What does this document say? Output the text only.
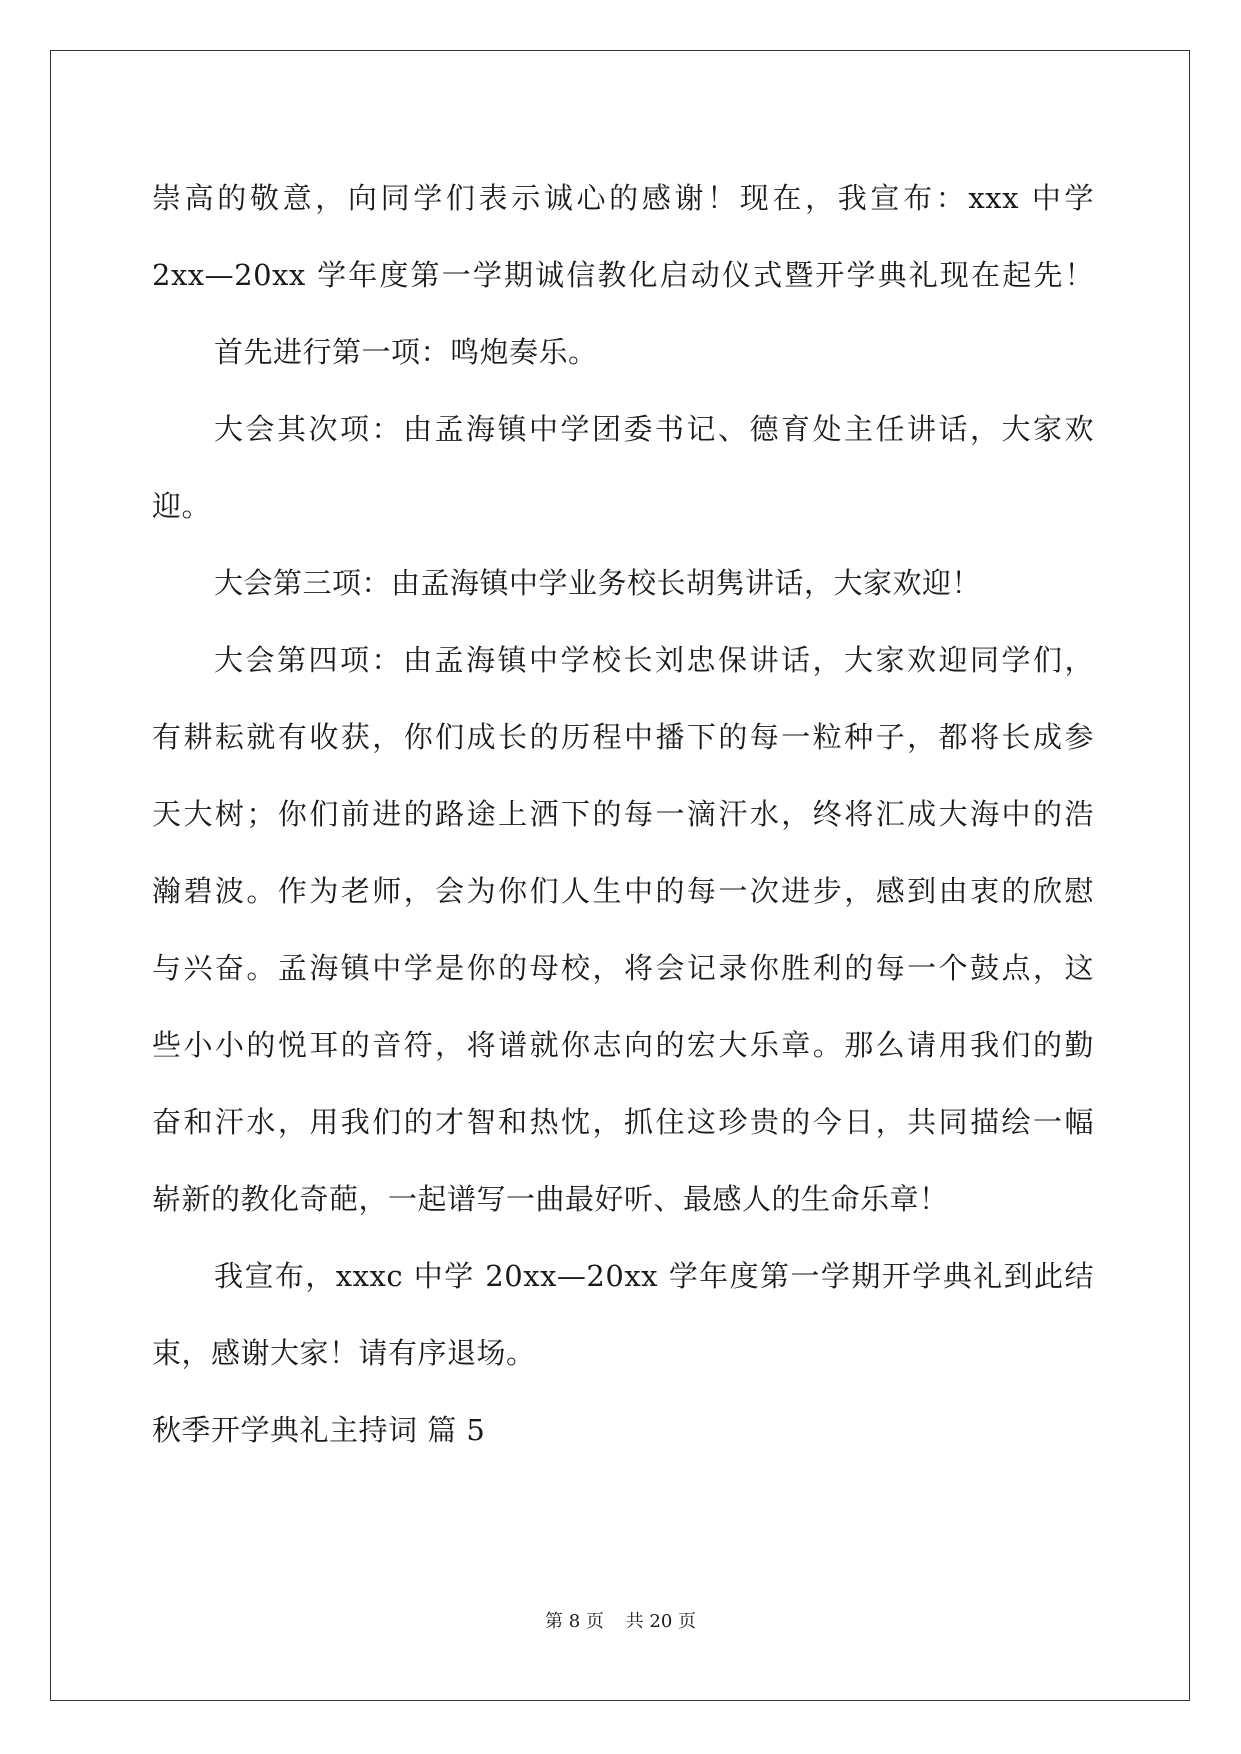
崇高的敬意，向同学们表示诚心的感谢！现在，我宣布：xxx 中学
2xx—20xx 学年度第一学期诚信教化启动仪式暨开学典礼现在起先！
首先进行第一项：鸣炮奏乐。
大会其次项：由孟海镇中学团委书记、德育处主任讲话，大家欢
迎。
大会第三项：由孟海镇中学业务校长胡隽讲话，大家欢迎！
大会第四项：由孟海镇中学校长刘忠保讲话，大家欢迎同学们，
有耕耘就有收获，你们成长的历程中播下的每一粒种子，都将长成参
天大树；你们前进的路途上洒下的每一滴汗水，终将汇成大海中的浩
瀚碧波。作为老师，会为你们人生中的每一次进步，感到由衷的欣慰
与兴奋。孟海镇中学是你的母校，将会记录你胜利的每一个鼓点，这
些小小的悦耳的音符，将谱就你志向的宏大乐章。那么请用我们的勤
奋和汗水，用我们的才智和热忱，抓住这珍贵的今日，共同描绘一幅
崭新的教化奇葩，一起谱写一曲最好听、最感人的生命乐章！
我宣布，xxxc 中学 20xx—20xx 学年度第一学期开学典礼到此结
束，感谢大家！请有序退场。
秋季开学典礼主持词 篇 5
第 8 页 共 20 页
